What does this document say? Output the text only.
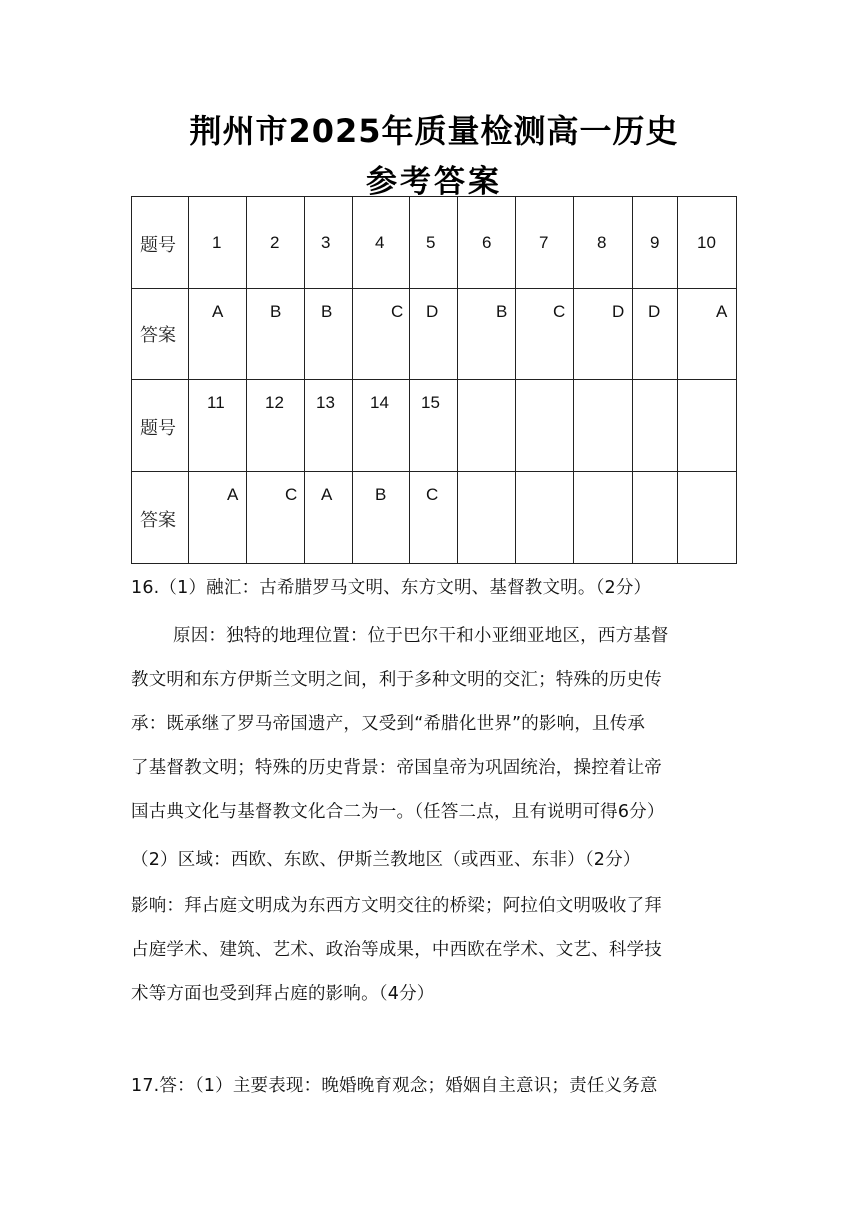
荆州市2025年质量检测高一历史
参考答案
题号	1	2	3	4	5	6	7	8	9	10

答案	A	B	B	C	D	B	C	D	D	A

题号	11	12	13	14	15					

答案	A	C	A	B	C					

16.（1）融汇：古希腊罗马文明、东方文明、基督教文明。（2分）
原因：独特的地理位置：位于巴尔干和小亚细亚地区，西方基督
教文明和东方伊斯兰文明之间，利于多种文明的交汇；特殊的历史传
承：既承继了罗马帝国遗产，又受到“希腊化世界”的影响，且传承
了基督教文明；特殊的历史背景：帝国皇帝为巩固统治，操控着让帝
国古典文化与基督教文化合二为一。（任答二点，且有说明可得6分）
（2）区域：西欧、东欧、伊斯兰教地区（或西亚、东非）（2分）
影响：拜占庭文明成为东西方文明交往的桥梁；阿拉伯文明吸收了拜
占庭学术、建筑、艺术、政治等成果，中西欧在学术、文艺、科学技
术等方面也受到拜占庭的影响。（4分）
17.答：（1）主要表现：晚婚晚育观念；婚姻自主意识；责任义务意
